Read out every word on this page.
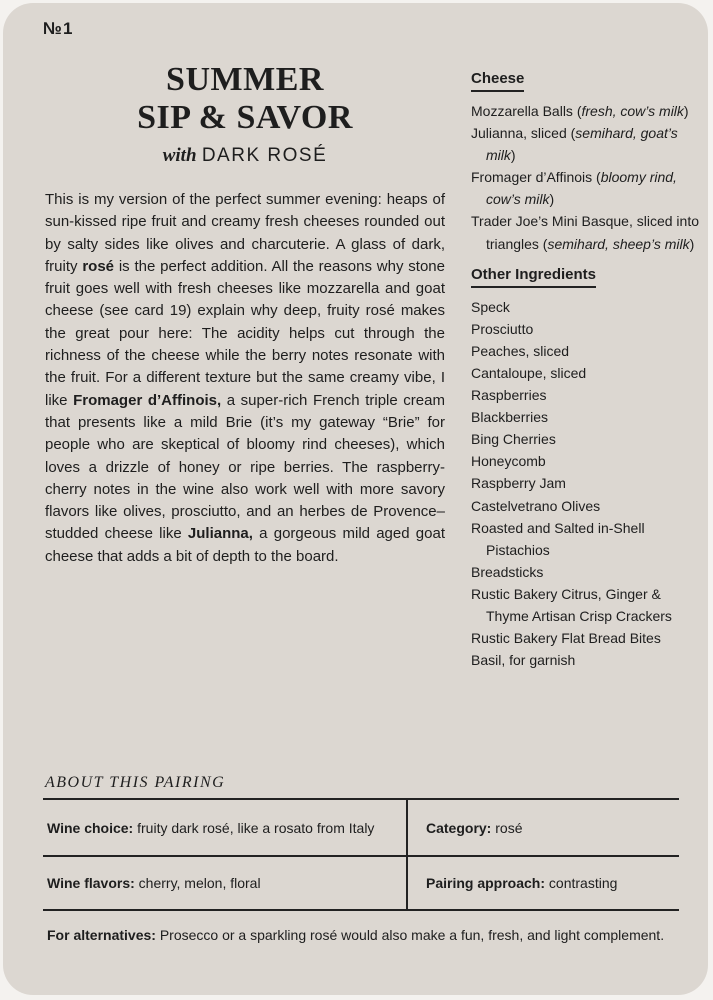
№1
SUMMER
SIP & SAVOR
with DARK ROSÉ
This is my version of the perfect summer evening: heaps of sun-kissed ripe fruit and creamy fresh cheeses rounded out by salty sides like olives and charcuterie. A glass of dark, fruity rosé is the perfect addition. All the reasons why stone fruit goes well with fresh cheeses like mozzarella and goat cheese (see card 19) explain why deep, fruity rosé makes the great pour here: The acidity helps cut through the richness of the cheese while the berry notes resonate with the fruit. For a different texture but the same creamy vibe, I like Fromager d’Affinois, a super-rich French triple cream that presents like a mild Brie (it’s my gateway “Brie” for people who are skeptical of bloomy rind cheeses), which loves a drizzle of honey or ripe berries. The raspberry-cherry notes in the wine also work well with more savory flavors like olives, prosciutto, and an herbes de Provence–studded cheese like Julianna, a gorgeous mild aged goat cheese that adds a bit of depth to the board.
Cheese
Mozzarella Balls (fresh, cow’s milk)
Julianna, sliced (semihard, goat’s milk)
Fromager d’Affinois (bloomy rind, cow’s milk)
Trader Joe’s Mini Basque, sliced into triangles (semihard, sheep’s milk)
Other Ingredients
Speck
Prosciutto
Peaches, sliced
Cantaloupe, sliced
Raspberries
Blackberries
Bing Cherries
Honeycomb
Raspberry Jam
Castelvetrano Olives
Roasted and Salted in-Shell Pistachios
Breadsticks
Rustic Bakery Citrus, Ginger & Thyme Artisan Crisp Crackers
Rustic Bakery Flat Bread Bites
Basil, for garnish
ABOUT THIS PAIRING
Wine choice: fruity dark rosé, like a rosato from Italy	Category: rosé
Wine flavors: cherry, melon, floral	Pairing approach: contrasting
For alternatives: Prosecco or a sparkling rosé would also make a fun, fresh, and light complement.
